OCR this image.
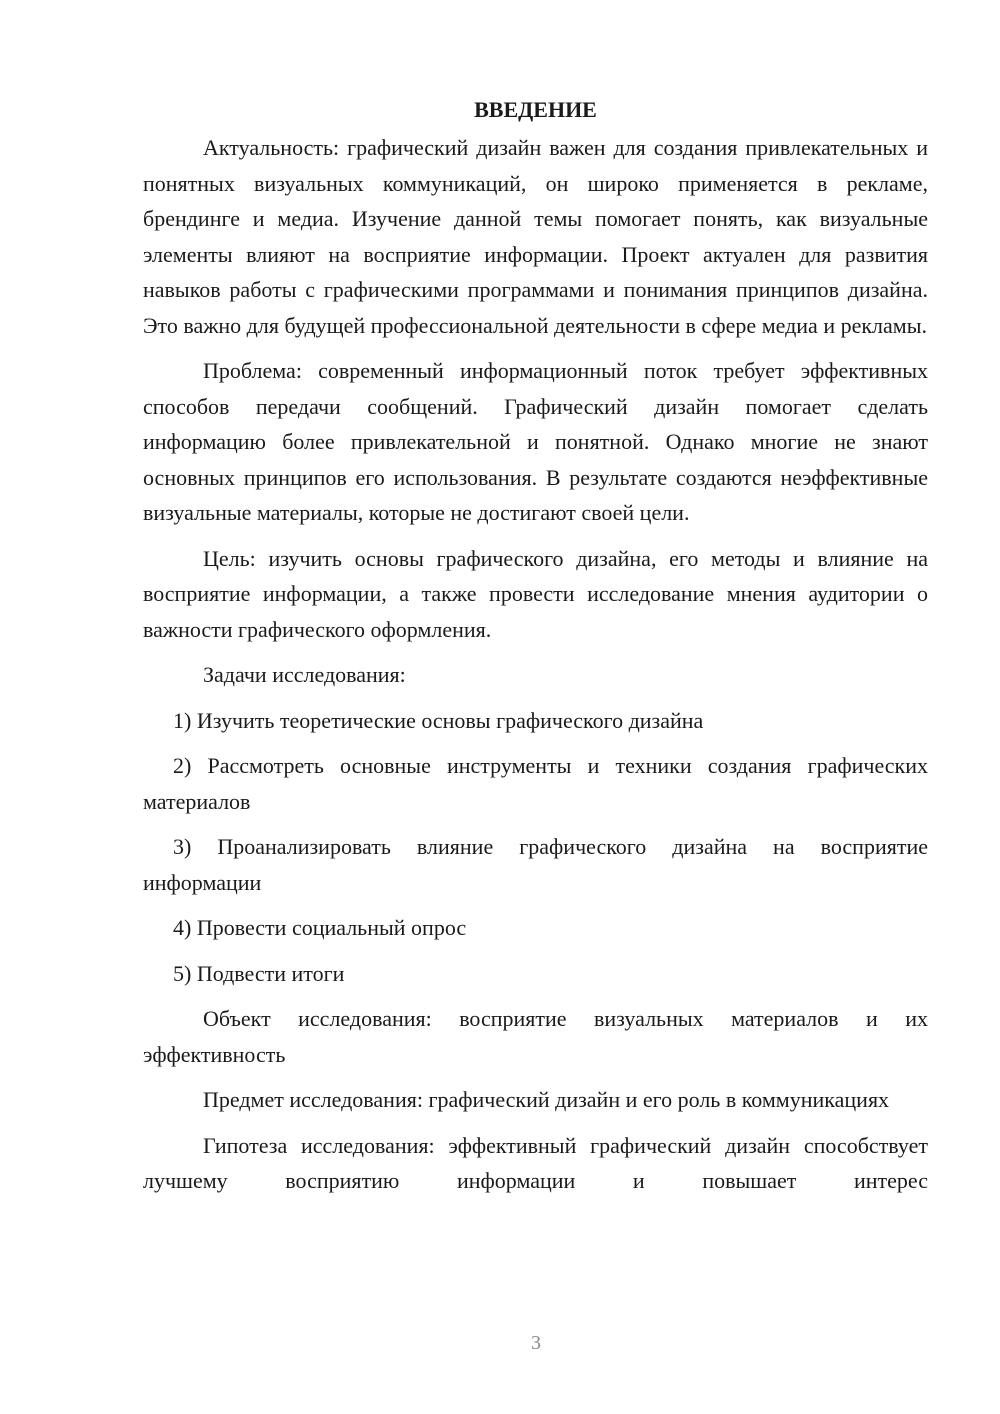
ВВЕДЕНИЕ

Актуальность: графический дизайн важен для создания привлекательных и понятных визуальных коммуникаций, он широко применяется в рекламе, брендинге и медиа. Изучение данной темы помогает понять, как визуальные элементы влияют на восприятие информации. Проект актуален для развития навыков работы с графическими программами и понимания принципов дизайна. Это важно для будущей профессиональной деятельности в сфере медиа и рекламы.

Проблема: современный информационный поток требует эффективных способов передачи сообщений. Графический дизайн помогает сделать информацию более привлекательной и понятной. Однако многие не знают основных принципов его использования. В результате создаются неэффективные визуальные материалы, которые не достигают своей цели.

Цель: изучить основы графического дизайна, его методы и влияние на восприятие информации, а также провести исследование мнения аудитории о важности графического оформления.

Задачи исследования:

1) Изучить теоретические основы графического дизайна

2) Рассмотреть основные инструменты и техники создания графических материалов

3) Проанализировать влияние графического дизайна на восприятие информации

4) Провести социальный опрос

5) Подвести итоги

Объект исследования: восприятие визуальных материалов и их эффективность

Предмет исследования: графический дизайн и его роль в коммуникациях

Гипотеза исследования: эффективный графический дизайн способствует лучшему восприятию информации и повышает интерес

3
